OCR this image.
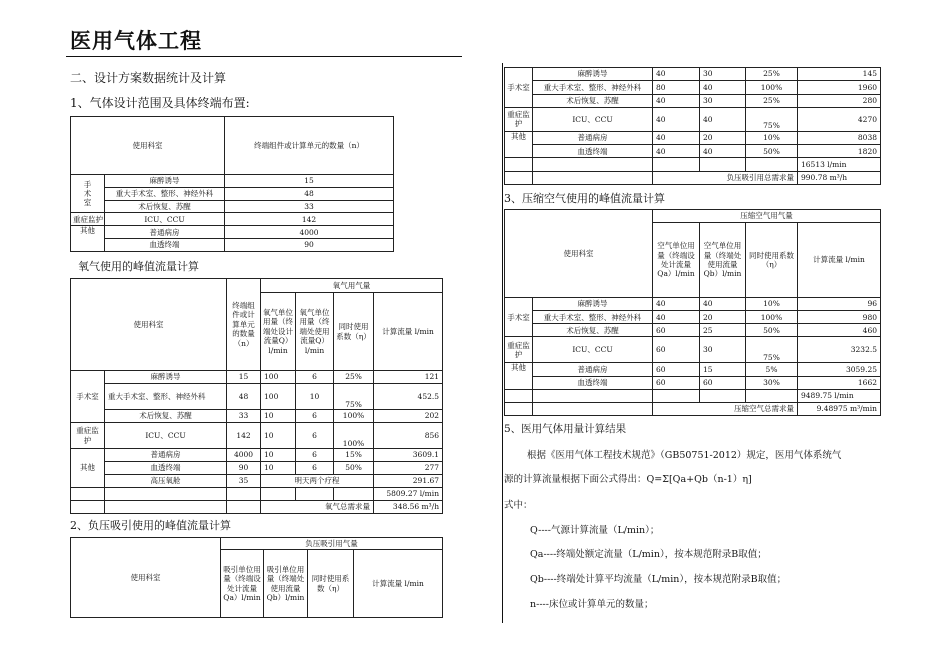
医用气体工程
二、设计方案数据统计及计算
1、气体设计范围及具体终端布置:
使用科室		终端组件或计算单元的数量（n）
手
术
室	麻醉诱导	15
	重大手术室、整形、神经外科	48
	术后恢复、苏醒	33
重症监护	ICU、CCU	142
其他	普通病房	4000
	血透终端	90
氧气使用的峰值流量计算
使用科室		终端组件或计算单元的数量（n）	氧气用气量			
			氧气单位用量（终端处设计流量Q）l/min	氧气单位用量（终端处使用流量Q）l/min	同时使用系数（η）	计算流量 l/min
手术室	麻醉诱导	15	100	6	25%	121
	重大手术室、整形、神经外科	48	100	10	75%	452.5
	术后恢复、苏醒	33	10	6	100%	202
重症监护	ICU、CCU	142	10	6	100%	856
其他	普通病房	4000	10	6	15%	3609.1
	血透终端	90	10	6	50%	277
	高压氧舱	35	明天两个疗程			291.67
						5809.27 l/min
			氧气总需求量			348.56 m³/h
2、负压吸引使用的峰值流量计算
使用科室	负压吸引用气量			
	吸引单位用量（终端设处计流量Qa）l/min	吸引单位用量（终端处使用流量Qb）l/min	同时使用系数（η）	计算流量 l/min
手术室	麻醉诱导	40	30	25%	145
	重大手术室、整形、神经外科	80	40	100%	1960
	术后恢复、苏醒	40	30	25%	280
重症监护	ICU、CCU	40	40	75%	4270
其他	普通病房	40	20	10%	8038
	血透终端	40	40	50%	1820
					16513 l/min
		负压吸引用总需求量			990.78 m³/h
3、压缩空气使用的峰值流量计算
使用科室		压缩空气用气量			
		空气单位用量（终端设处计流量Qa）l/min	空气单位用量（终端处使用流量Qb）l/min	同时使用系数（η）	计算流量 l/min
手术室	麻醉诱导	40	40	10%	96
	重大手术室、整形、神经外科	40	20	100%	980
	术后恢复、苏醒	60	25	50%	460
重症监护	ICU、CCU	60	30	75%	3232.5
其他	普通病房	60	15	5%	3059.25
	血透终端	60	60	30%	1662
					9489.75 l/min
		压缩空气总需求量			9.48975 m³/min
5、医用气体用量计算结果
根据《医用气体工程技术规范》（GB50751-2012）规定，医用气体系统气
源的计算流量根据下面公式得出：Q=Σ[Qa+Qb（n-1）η]
式中：
Q----气源计算流量（L/min）；
Qa----终端处额定流量（L/min），按本规范附录B取值；
Qb----终端处计算平均流量（L/min），按本规范附录B取值；
n----床位或计算单元的数量；
